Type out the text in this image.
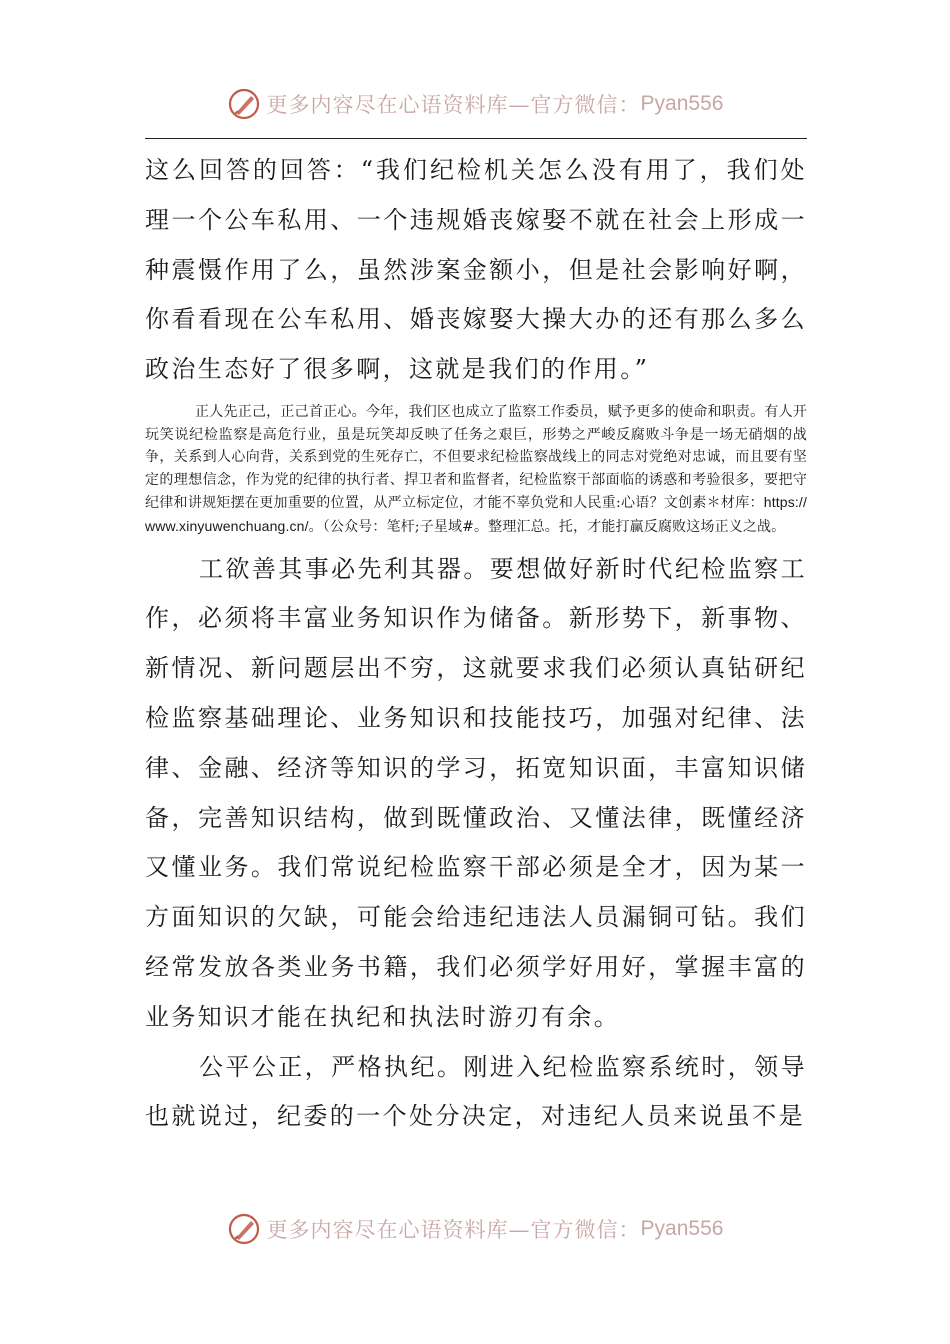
更多内容尽在心语资料库—官方微信： Pyan556

这么回答的回答：“我们纪检机关怎么没有用了，我们处理一个公车私用、一个违规婚丧嫁娶不就在社会上形成一种震慑作用了么，虽然涉案金额小，但是社会影响好啊，你看看现在公车私用、婚丧嫁娶大操大办的还有那么多么政治生态好了很多啊，这就是我们的作用。”

正人先正己，正己首正心。今年，我们区也成立了监察工作委员，赋予更多的使命和职责。有人开玩笑说纪检监察是高危行业，虽是玩笑却反映了任务之艰巨，形势之严峻反腐败斗争是一场无硝烟的战争，关系到人心向背，关系到党的生死存亡，不但要求纪检监察战线上的同志对党绝对忠诚，而且要有坚定的理想信念，作为党的纪律的执行者、捍卫者和监督者，纪检监察干部面临的诱惑和考验很多，要把守纪律和讲规矩摆在更加重要的位置，从严立标定位，才能不辜负党和人民重:心语？文创素＊材库：https://www.xinyuwenchuang.cn/。（公众号：笔杆;子星域#。整理汇总。托，才能打赢反腐败这场正义之战。

工欲善其事必先利其器。要想做好新时代纪检监察工作，必须将丰富业务知识作为储备。新形势下，新事物、新情况、新问题层出不穷，这就要求我们必须认真钻研纪检监察基础理论、业务知识和技能技巧，加强对纪律、法律、金融、经济等知识的学习，拓宽知识面，丰富知识储备，完善知识结构，做到既懂政治、又懂法律，既懂经济又懂业务。我们常说纪检监察干部必须是全才，因为某一方面知识的欠缺，可能会给违纪违法人员漏铜可钻。我们经常发放各类业务书籍，我们必须学好用好，掌握丰富的业务知识才能在执纪和执法时游刃有余。

公平公正，严格执纪。刚进入纪检监察系统时，领导也就说过，纪委的一个处分决定，对违纪人员来说虽不是

更多内容尽在心语资料库—官方微信： Pyan556
